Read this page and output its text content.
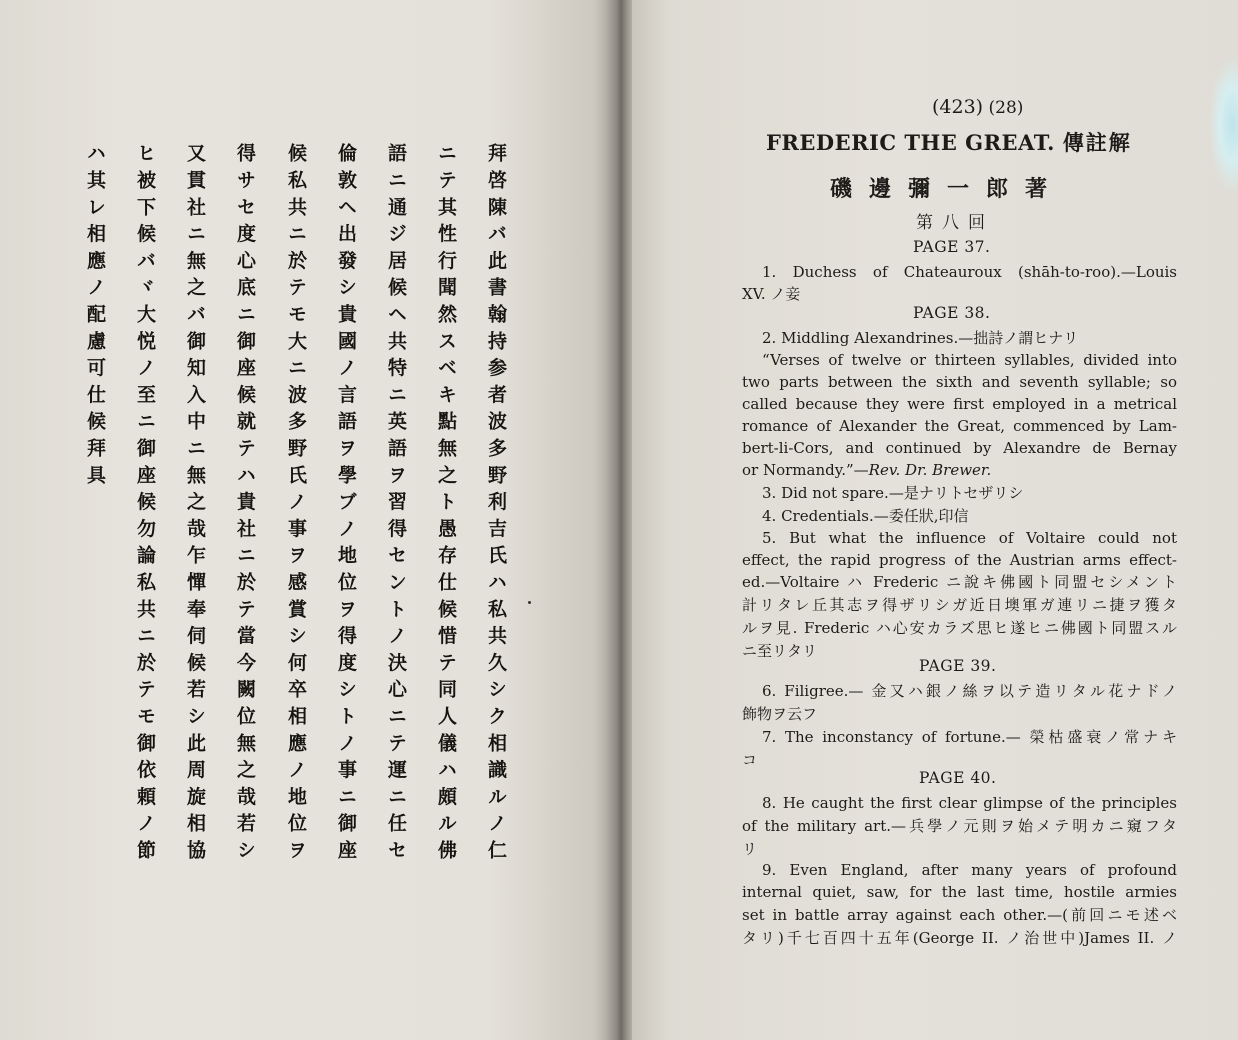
拜啓陳バ此書翰持参者波多野利吉氏ハ私共久シク相識ルノ仁
ニテ其性行聞然スベキ點無之ト愚存仕候惜テ同人儀ハ頗ル佛
語ニ通ジ居候ヘ共特ニ英語ヲ習得セントノ決心ニテ運ニ任セ
倫敦ヘ出發シ貴國ノ言語ヲ學ブノ地位ヲ得度シトノ事ニ御座
候私共ニ於テモ大ニ波多野氏ノ事ヲ感賞シ何卒相應ノ地位ヲ
得サセ度心底ニ御座候就テハ貴社ニ於テ當今闕位無之哉若シ
又貫社ニ無之バ御知入中ニ無之哉乍憚奉伺候若シ此周旋相協
ヒ被下候バヾ大悦ノ至ニ御座候勿論私共ニ於テモ御依頼ノ節
ハ其レ相應ノ配慮可仕候拜具
(423) (28)
FREDERIC THE GREAT. 傳註解
磯邊彌一郎著
第八回
PAGE 37.
1. Duchess of Chateauroux (shāh-to-roo).—Louis
XV. ノ妾
PAGE 38.
2. Middling Alexandrines.—拙詩ノ謂ヒナリ
“Verses of twelve or thirteen syllables, divided into
two parts between the sixth and seventh syllable; so
called because they were first employed in a metrical
romance of Alexander the Great, commenced by Lam-
bert-li-Cors, and continued by Alexandre de Bernay
or Normandy.”—Rev. Dr. Brewer.
3. Did not spare.—是ナリトセザリシ
4. Credentials.—委任狀,印信
5. But what the influence of Voltaire could not
effect, the rapid progress of the Austrian arms effect-
ed.—Voltaire ハ Frederic ニ說キ佛國ト同盟セシメント
計リタレ丘其志ヲ得ザリシガ近日墺軍ガ連リニ捷ヲ獲タ
ルヲ見. Frederic ハ心安カラズ思ヒ遂ヒニ佛國ト同盟スル
ニ至リタリ
PAGE 39.
6. Filigree.— 金又ハ銀ノ絲ヲ以テ造リタル花ナドノ
飾物ヲ云フ
7. The inconstancy of fortune.— 榮枯盛衰ノ常ナキ
コ
PAGE 40.
8. He caught the first clear glimpse of the principles
of the military art.—兵學ノ元則ヲ始メテ明カニ窺フタ
リ
9. Even England, after many years of profound
internal quiet, saw, for the last time, hostile armies
set in battle array against each other.—(前回ニモ述ベ
タリ)千七百四十五年(George II. ノ治世中)James II. ノ
